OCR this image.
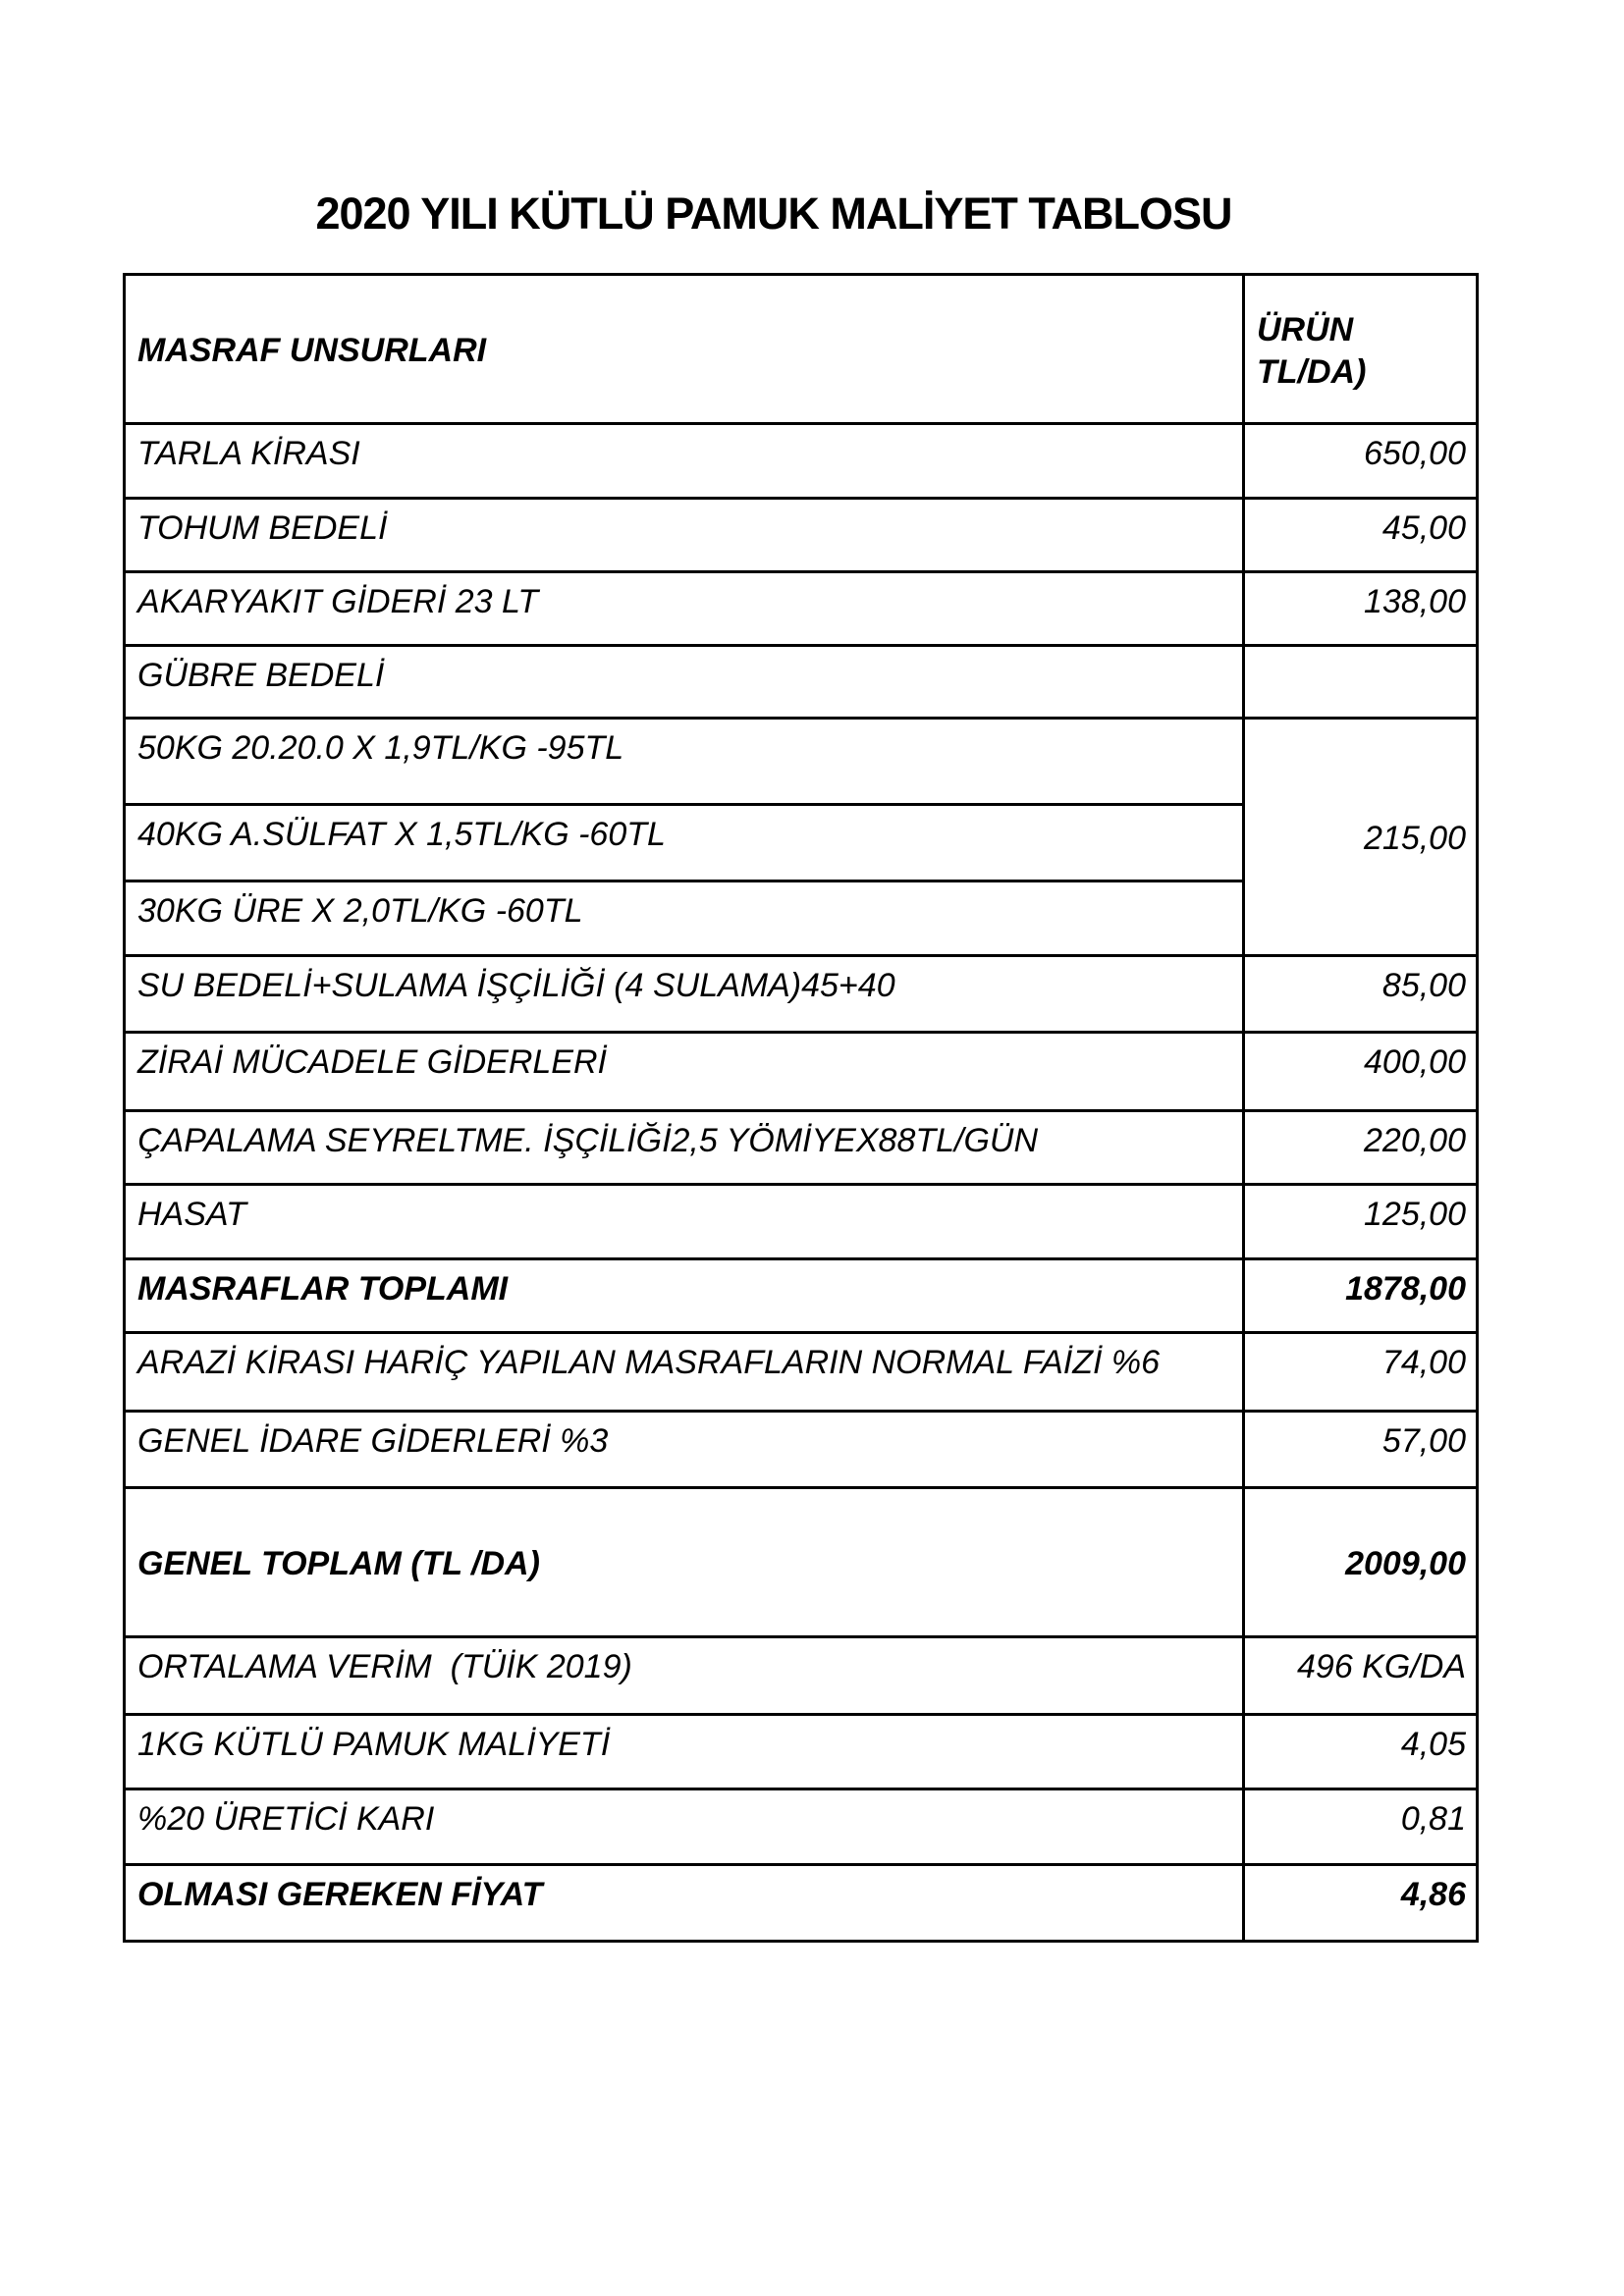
2020 YILI KÜTLÜ PAMUK MALİYET TABLOSU
MASRAF UNSURLARI	ÜRÜN TL/DA)
TARLA KİRASI	650,00
TOHUM BEDELİ	45,00
AKARYAKIT GİDERİ 23 LT	138,00
GÜBRE BEDELİ	
50KG 20.20.0 X 1,9TL/KG -95TL	215,00
40KG A.SÜLFAT X 1,5TL/KG -60TL	
30KG ÜRE X 2,0TL/KG -60TL	
SU BEDELİ+SULAMA İŞÇİLİĞİ (4 SULAMA)45+40	85,00
ZİRAİ MÜCADELE GİDERLERİ	400,00
ÇAPALAMA SEYRELTME. İŞÇİLİĞİ2,5 YÖMİYEX88TL/GÜN	220,00
HASAT	125,00
MASRAFLAR TOPLAMI	1878,00
ARAZİ KİRASI HARİÇ YAPILAN MASRAFLARIN NORMAL FAİZİ %6	74,00
GENEL İDARE GİDERLERİ %3	57,00
GENEL TOPLAM (TL /DA)	2009,00
ORTALAMA VERİM  (TÜİK 2019)	496 KG/DA
1KG KÜTLÜ PAMUK MALİYETİ	4,05
%20 ÜRETİCİ KARI	0,81
OLMASI GEREKEN FİYAT	4,86
